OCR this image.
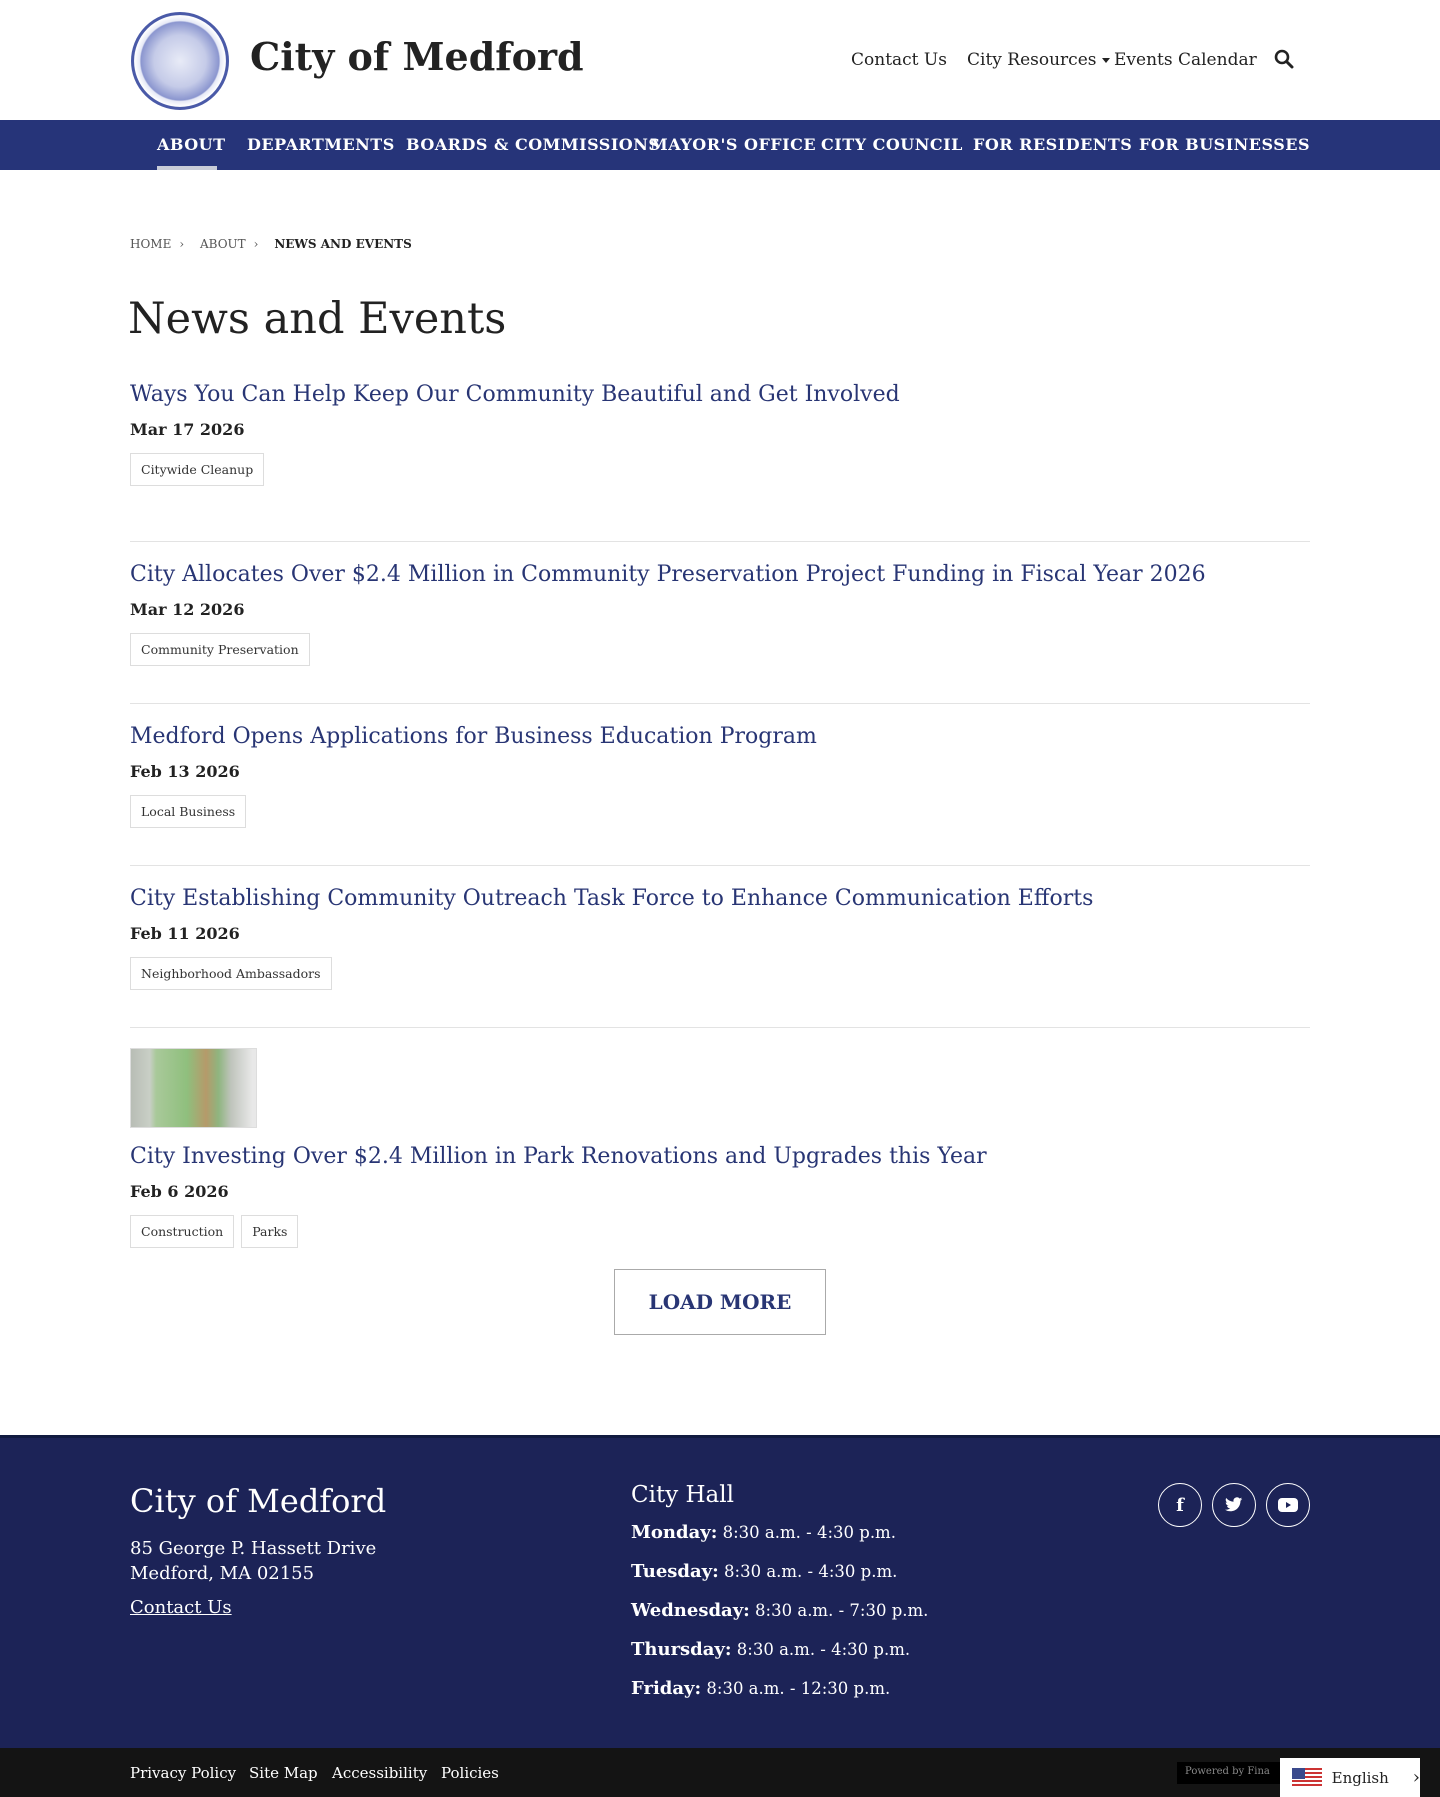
City of Medford	Contact Us City Resources	Events Calendar
ABOUT DEPARTMENTS BOARDS & COMMISSIONS
MAYOR'S OFFICE CITY COUNCIL FOR RESIDENTS FOR BUSINESSES
HOME › ABOUT › NEWS AND EVENTS
News and Events
Ways You Can Help Keep Our Community Beautiful and Get Involved
Mar 17 2026
Citywide Cleanup
City Allocates Over $2.4 Million in Community Preservation Project Funding in Fiscal Year 2026
Mar 12 2026
Community Preservation
Medford Opens Applications for Business Education Program
Feb 13 2026
Local Business
City Establishing Community Outreach Task Force to Enhance Communication Efforts
Feb 11 2026
Neighborhood Ambassadors
City Investing Over $2.4 Million in Park Renovations and Upgrades this Year
Feb 6 2026
Construction	Parks
LOAD MORE
City of Medford
85 George P. Hassett Drive
Medford, MA 02155
Contact Us
City Hall
Monday: 8:30 a.m. - 4:30 p.m.
Tuesday: 8:30 a.m. - 4:30 p.m.
Wednesday: 8:30 a.m. - 7:30 p.m.
Thursday: 8:30 a.m. - 4:30 p.m.
Friday: 8:30 a.m. - 12:30 p.m.
f
Privacy Policy Site Map Accessibility Policies	Powered by Fina	English ›
